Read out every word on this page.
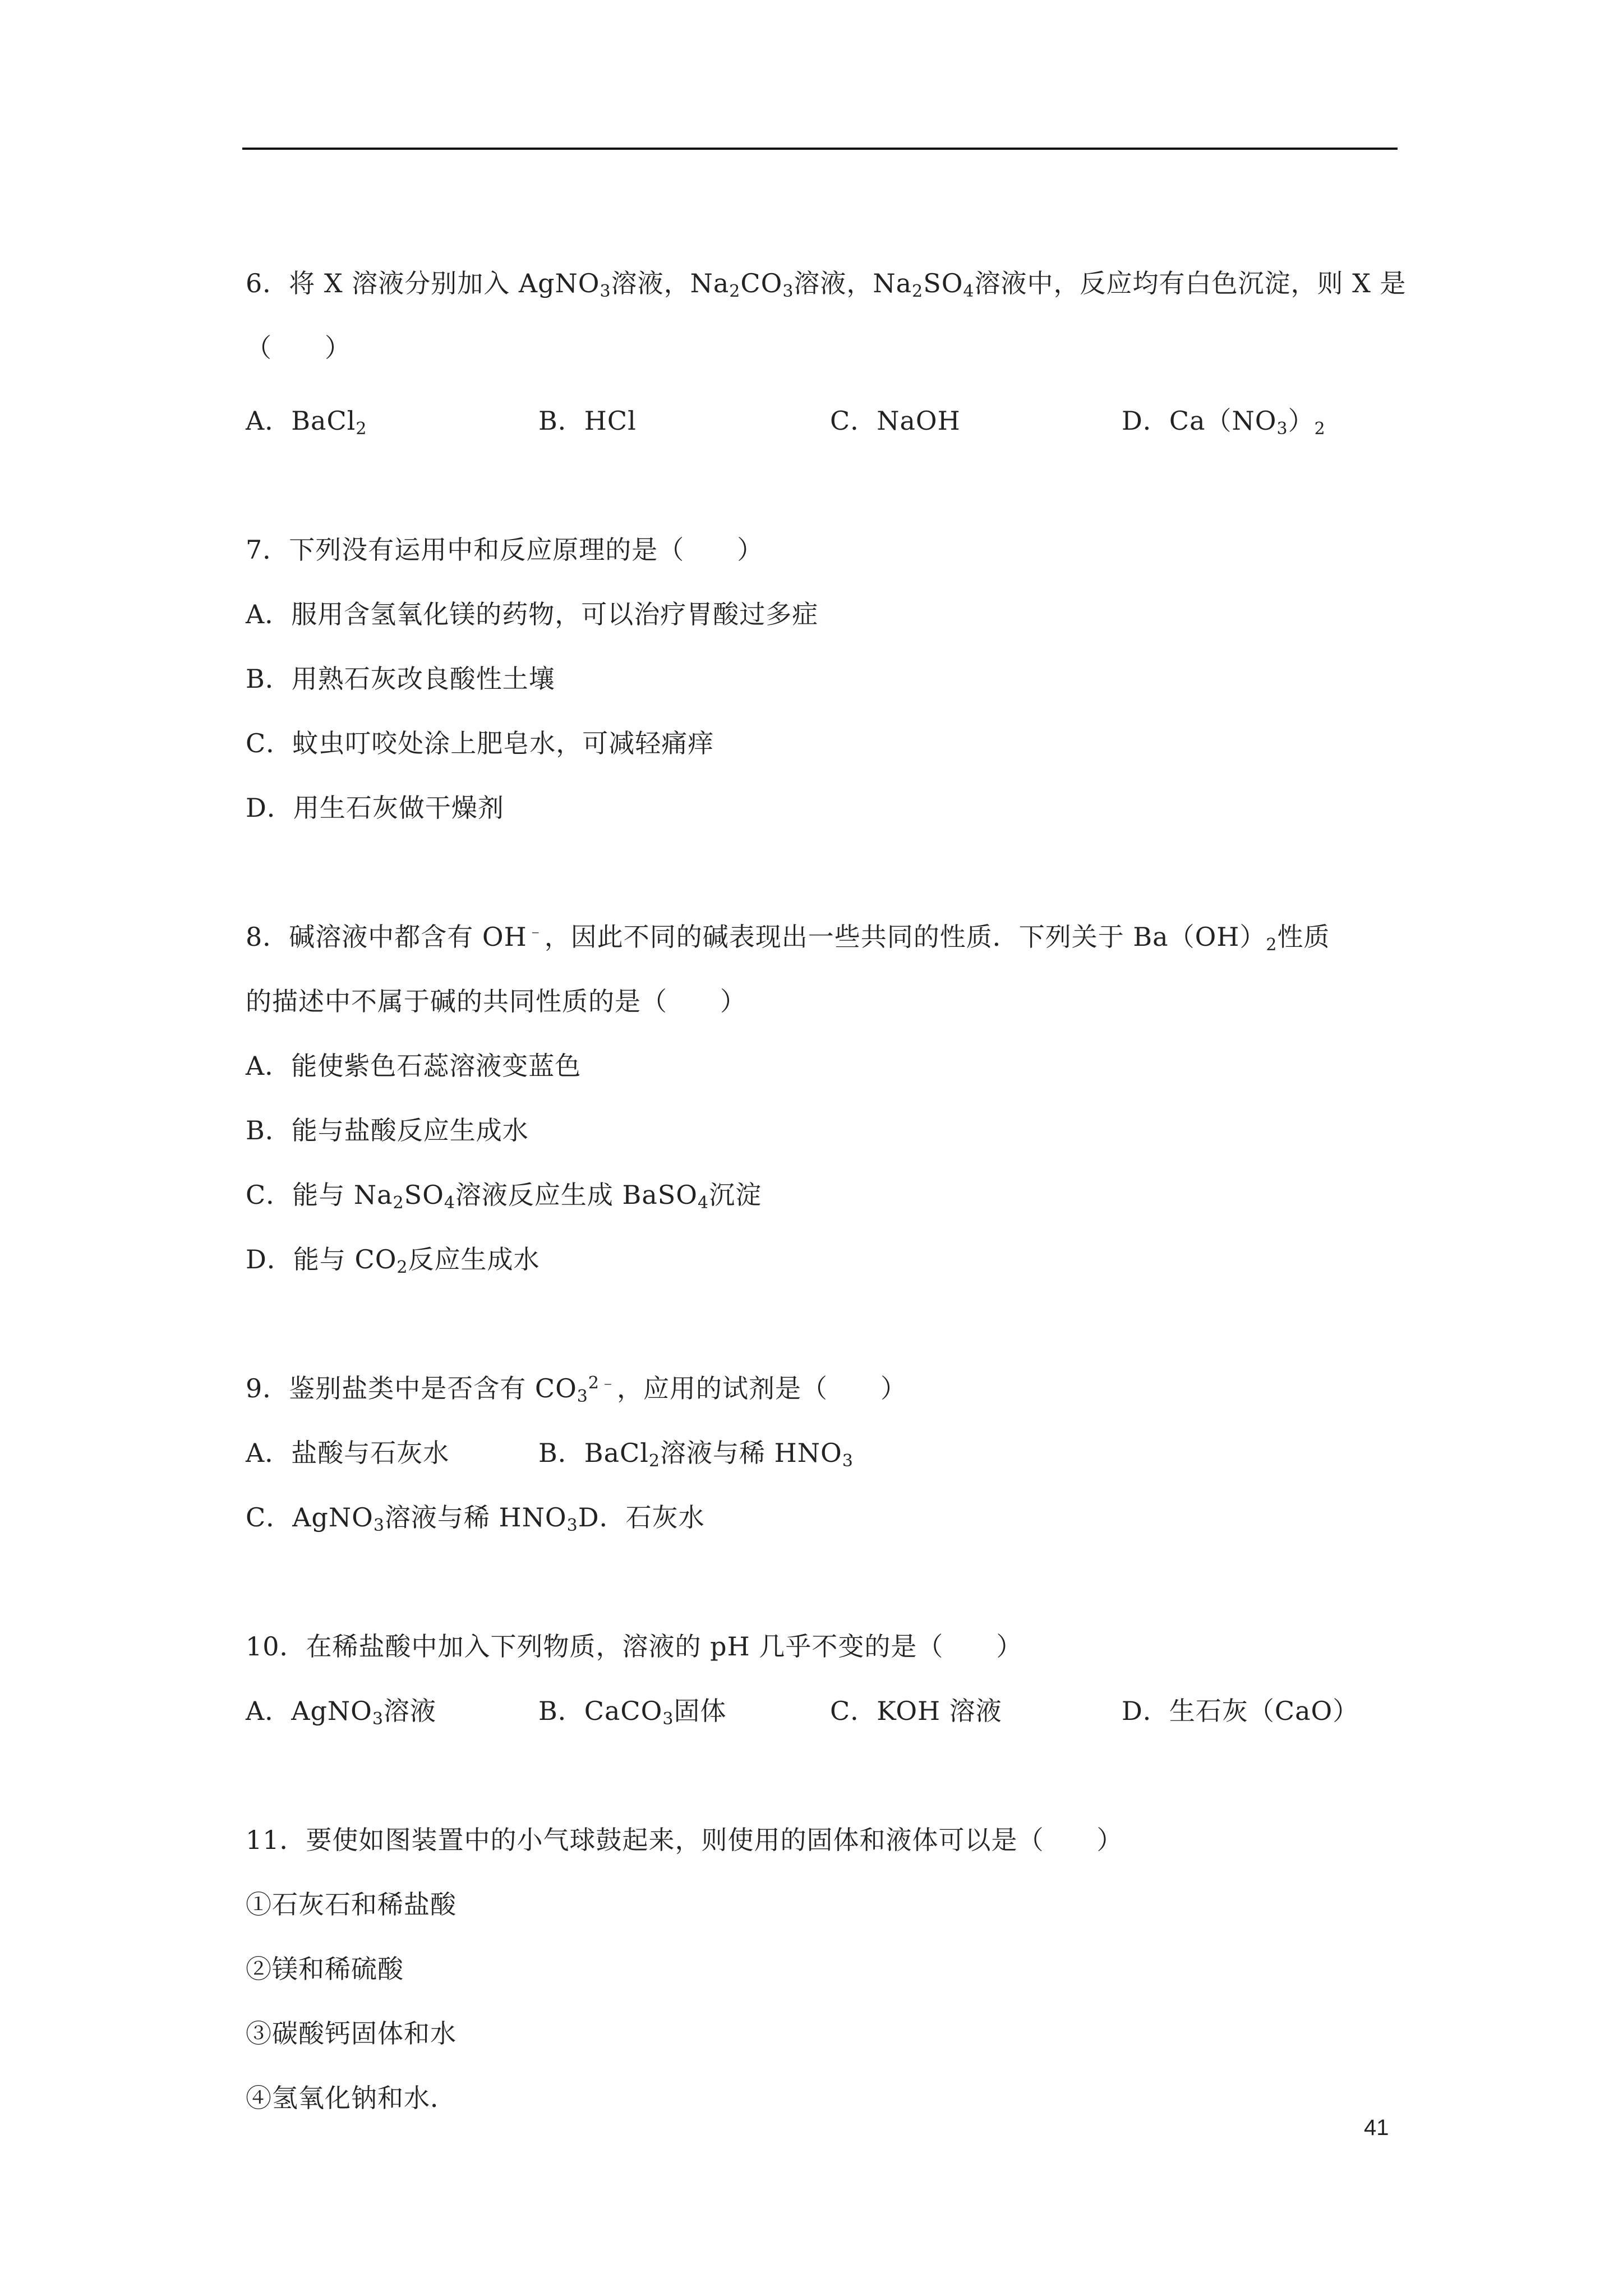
6．将 X 溶液分别加入 AgNO$_3$溶液，$Na_2CO_3$溶液，$Na_2SO_4$溶液中，反应均有白色沉淀，则 X 是
（　　）
A．BaCl$_2$	B．HCl	C．NaOH	D．$Ca(NO_3)_2$
7．下列没有运用中和反应原理的是（　　）
A．服用含氢氧化镁的药物，可以治疗胃酸过多症
B．用熟石灰改良酸性土壤
C．蚊虫叮咬处涂上肥皂水，可减轻痛痒
D．用生石灰做干燥剂
8．碱溶液中都含有 OH﹣，因此不同的碱表现出一些共同的性质．下列关于 $Ba(OH)_2$性质
的描述中不属于碱的共同性质的是（　　）
A．能使紫色石蕊溶液变蓝色
B．能与盐酸反应生成水
C．能与 $Na_2SO_4$溶液反应生成 BaSO$_4$沉淀
D．能与 $CO_2$反应生成水
9．鉴别盐类中是否含有 $CO_3^{2﹣}$，应用的试剂是（　　）
A．盐酸与石灰水	B．BaCl$_2$溶液与稀 $HNO_3$
C．AgNO$_3$溶液与稀 $HNO_3D$．石灰水
10．在稀盐酸中加入下列物质，溶液的 pH 几乎不变的是（　　）
A．AgNO$_3$溶液	B．CaCO$_3$固体	C．KOH 溶液	D．生石灰（CaO）
11．要使如图装置中的小气球鼓起来，则使用的固体和液体可以是（　　）
①石灰石和稀盐酸
②镁和稀硫酸
③碳酸钙固体和水
④氢氧化钠和水．
41
